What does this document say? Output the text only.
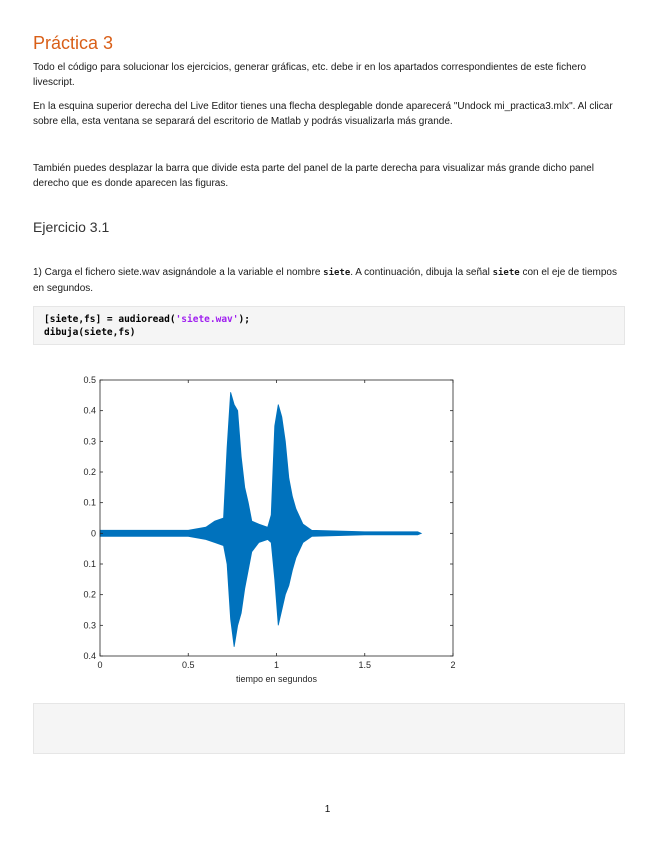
Práctica 3

Todo el código para solucionar los ejercicios, generar gráficas, etc. debe ir en los apartados correspondientes de este fichero livescript.

En la esquina superior derecha del Live Editor tienes una flecha desplegable donde aparecerá "Undock mi_practica3.mlx". Al clicar sobre ella, esta ventana se separará del escritorio de Matlab y podrás visualizarla más grande.

También puedes desplazar la barra que divide esta parte del panel de la parte derecha para visualizar más grande dicho panel derecho que es donde aparecen las figuras.

Ejercicio 3.1

1) Carga el fichero siete.wav asignándole a la variable el nombre siete. A continuación, dibuja la señal siete con el eje de tiempos en segundos.

[siete,fs] = audioread('siete.wav');
dibuja(siete,fs)
0	0.5	1	1.5	2
0.5
0.4
0.3
0.2
0.1
0
0.1
0.2
0.3
0.4
tiempo en segundos
1
